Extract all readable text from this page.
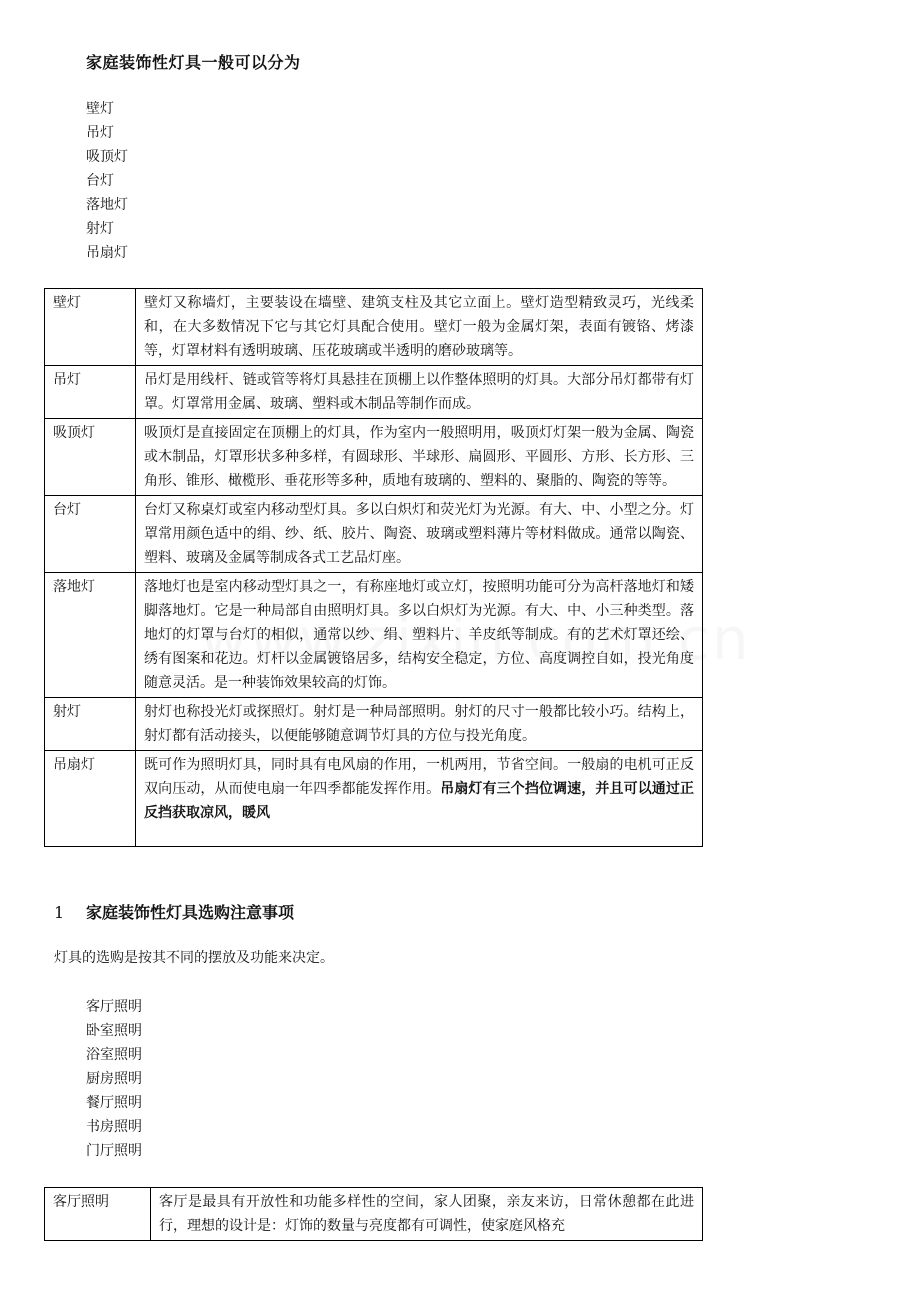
家庭装饰性灯具一般可以分为
壁灯
吊灯
吸顶灯
台灯
落地灯
射灯
吊扇灯
壁灯	壁灯又称墙灯，主要装设在墙壁、建筑支柱及其它立面上。壁灯造型精致灵巧，光线柔和，在大多数情况下它与其它灯具配合使用。壁灯一般为金属灯架，表面有镀铬、烤漆等，灯罩材料有透明玻璃、压花玻璃或半透明的磨砂玻璃等。
吊灯	吊灯是用线杆、链或管等将灯具悬挂在顶棚上以作整体照明的灯具。大部分吊灯都带有灯罩。灯罩常用金属、玻璃、塑料或木制品等制作而成。
吸顶灯	吸顶灯是直接固定在顶棚上的灯具，作为室内一般照明用，吸顶灯灯架一般为金属、陶瓷或木制品，灯罩形状多种多样，有圆球形、半球形、扁圆形、平圆形、方形、长方形、三角形、锥形、橄榄形、垂花形等多种，质地有玻璃的、塑料的、聚脂的、陶瓷的等等。
台灯	台灯又称桌灯或室内移动型灯具。多以白炽灯和荧光灯为光源。有大、中、小型之分。灯罩常用颜色适中的绢、纱、纸、胶片、陶瓷、玻璃或塑料薄片等材料做成。通常以陶瓷、塑料、玻璃及金属等制成各式工艺品灯座。
落地灯	落地灯也是室内移动型灯具之一，有称座地灯或立灯，按照明功能可分为高杆落地灯和矮脚落地灯。它是一种局部自由照明灯具。多以白炽灯为光源。有大、中、小三种类型。落地灯的灯罩与台灯的相似，通常以纱、绢、塑料片、羊皮纸等制成。有的艺术灯罩还绘、绣有图案和花边。灯杆以金属镀铬居多，结构安全稳定，方位、高度调控自如，投光角度随意灵活。是一种装饰效果较高的灯饰。
射灯	射灯也称投光灯或探照灯。射灯是一种局部照明。射灯的尺寸一般都比较小巧。结构上，射灯都有活动接头，以便能够随意调节灯具的方位与投光角度。
吊扇灯	既可作为照明灯具，同时具有电风扇的作用，一机两用，节省空间。一般扇的电机可正反双向压动，从而使电扇一年四季都能发挥作用。吊扇灯有三个挡位调速，并且可以通过正反挡获取凉风，暖风
1 家庭装饰性灯具选购注意事项
灯具的选购是按其不同的摆放及功能来决定。
客厅照明
卧室照明
浴室照明
厨房照明
餐厅照明
书房照明
门厅照明
客厅照明	客厅是最具有开放性和功能多样性的空间，家人团聚，亲友来访，日常休憩都在此进行，理想的设计是：灯饰的数量与亮度都有可调性，使家庭风格充
